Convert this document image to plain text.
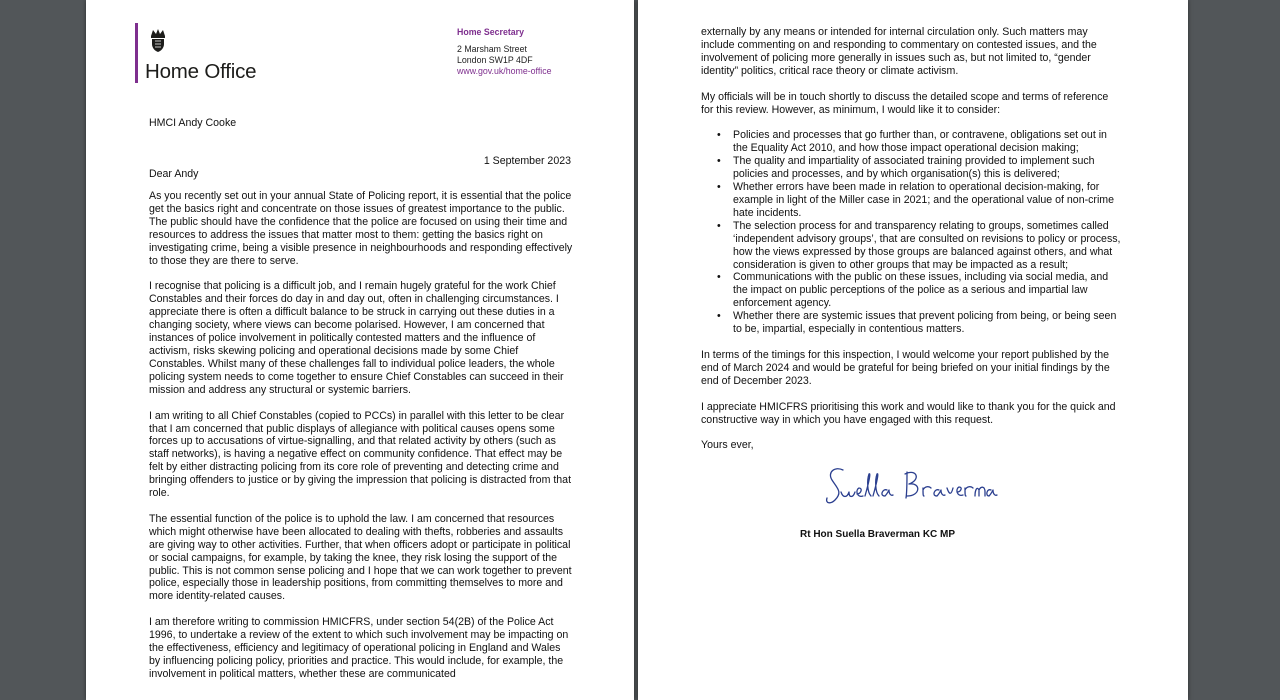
Home Office
Home Secretary
2 Marsham Street
London SW1P 4DF
www.gov.uk/home-office
HMCI Andy Cooke
1 September 2023
Dear Andy

As you recently set out in your annual State of Policing report, it is essential that the police get the basics right and concentrate on those issues of greatest importance to the public. The public should have the confidence that the police are focused on using their time and resources to address the issues that matter most to them: getting the basics right on investigating crime, being a visible presence in neighbourhoods and responding effectively to those they are there to serve.

I recognise that policing is a difficult job, and I remain hugely grateful for the work Chief Constables and their forces do day in and day out, often in challenging circumstances. I appreciate there is often a difficult balance to be struck in carrying out these duties in a changing society, where views can become polarised. However, I am concerned that instances of police involvement in politically contested matters and the influence of activism, risks skewing policing and operational decisions made by some Chief Constables. Whilst many of these challenges fall to individual police leaders, the whole policing system needs to come together to ensure Chief Constables can succeed in their mission and address any structural or systemic barriers.

I am writing to all Chief Constables (copied to PCCs) in parallel with this letter to be clear that I am concerned that public displays of allegiance with political causes opens some forces up to accusations of virtue-signalling, and that related activity by others (such as staff networks), is having a negative effect on community confidence. That effect may be felt by either distracting policing from its core role of preventing and detecting crime and bringing offenders to justice or by giving the impression that policing is distracted from that role.

The essential function of the police is to uphold the law. I am concerned that resources which might otherwise have been allocated to dealing with thefts, robberies and assaults are giving way to other activities. Further, that when officers adopt or participate in political or social campaigns, for example, by taking the knee, they risk losing the support of the public. This is not common sense policing and I hope that we can work together to prevent police, especially those in leadership positions, from committing themselves to more and more identity-related causes.

I am therefore writing to commission HMICFRS, under section 54(2B) of the Police Act 1996, to undertake a review of the extent to which such involvement may be impacting on the effectiveness, efficiency and legitimacy of operational policing in England and Wales by influencing policing policy, priorities and practice. This would include, for example, the involvement in political matters, whether these are communicated

externally by any means or intended for internal circulation only. Such matters may include commenting on and responding to commentary on contested issues, and the involvement of policing more generally in issues such as, but not limited to, “gender identity” politics, critical race theory or climate activism.

My officials will be in touch shortly to discuss the detailed scope and terms of reference for this review. However, as minimum, I would like it to consider:

• Policies and processes that go further than, or contravene, obligations set out in the Equality Act 2010, and how those impact operational decision making;
• The quality and impartiality of associated training provided to implement such policies and processes, and by which organisation(s) this is delivered;
• Whether errors have been made in relation to operational decision-making, for example in light of the Miller case in 2021; and the operational value of non-crime hate incidents.
• The selection process for and transparency relating to groups, sometimes called ‘independent advisory groups’, that are consulted on revisions to policy or process, how the views expressed by those groups are balanced against others, and what consideration is given to other groups that may be impacted as a result;
• Communications with the public on these issues, including via social media, and the impact on public perceptions of the police as a serious and impartial law enforcement agency.
• Whether there are systemic issues that prevent policing from being, or being seen to be, impartial, especially in contentious matters.

In terms of the timings for this inspection, I would welcome your report published by the end of March 2024 and would be grateful for being briefed on your initial findings by the end of December 2023.

I appreciate HMICFRS prioritising this work and would like to thank you for the quick and constructive way in which you have engaged with this request.

Yours ever,

Rt Hon Suella Braverman KC MP
